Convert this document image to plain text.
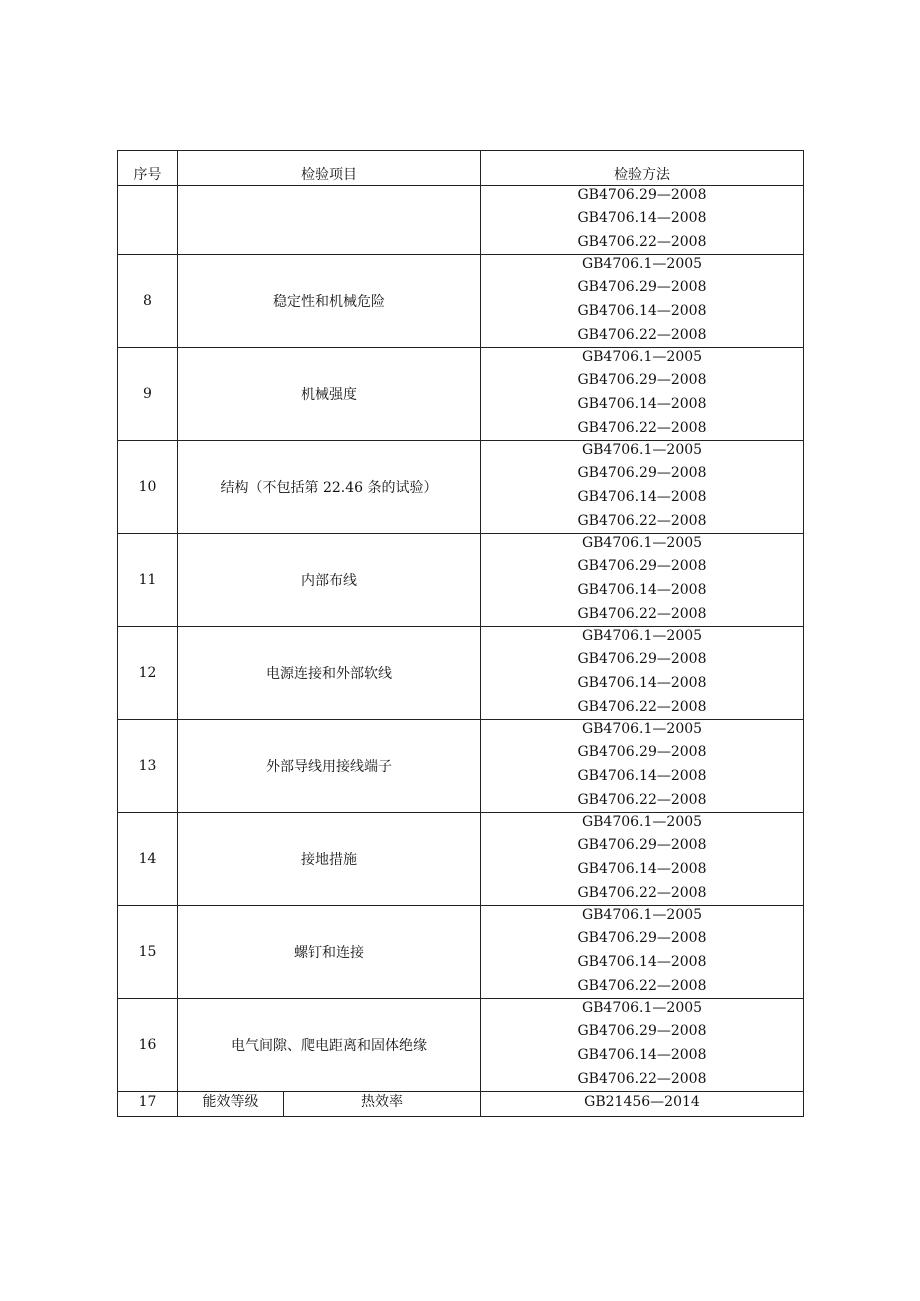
序号	检验项目		检验方法

			GB4706.29—2008
GB4706.14—2008
GB4706.22—2008

8	稳定性和机械危险		GB4706.1—2005
GB4706.29—2008
GB4706.14—2008
GB4706.22—2008

9	机械强度		GB4706.1—2005
GB4706.29—2008
GB4706.14—2008
GB4706.22—2008

10	结构（不包括第 22.46 条的试验）		GB4706.1—2005
GB4706.29—2008
GB4706.14—2008
GB4706.22—2008

11	内部布线		GB4706.1—2005
GB4706.29—2008
GB4706.14—2008
GB4706.22—2008

12	电源连接和外部软线		GB4706.1—2005
GB4706.29—2008
GB4706.14—2008
GB4706.22—2008

13	外部导线用接线端子		GB4706.1—2005
GB4706.29—2008
GB4706.14—2008
GB4706.22—2008

14	接地措施		GB4706.1—2005
GB4706.29—2008
GB4706.14—2008
GB4706.22—2008

15	螺钉和连接		GB4706.1—2005
GB4706.29—2008
GB4706.14—2008
GB4706.22—2008

16	电气间隙、爬电距离和固体绝缘		GB4706.1—2005
GB4706.29—2008
GB4706.14—2008
GB4706.22—2008

17	能效等级	热效率	GB21456—2014
